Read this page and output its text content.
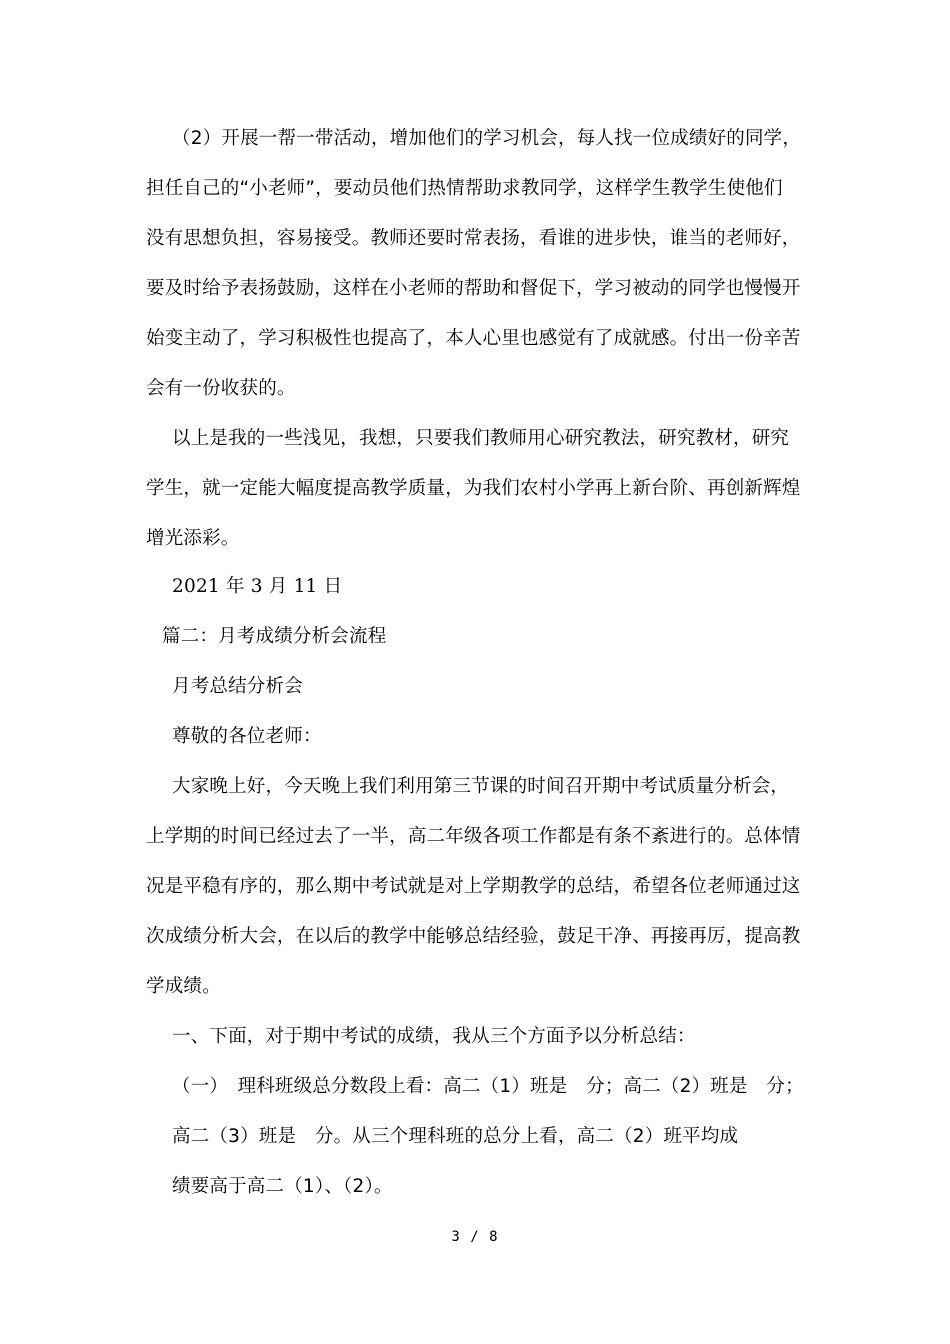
（2）开展一帮一带活动，增加他们的学习机会，每人找一位成绩好的同学，
担任自己的“小老师”，要动员他们热情帮助求教同学，这样学生教学生使他们
没有思想负担，容易接受。教师还要时常表扬，看谁的进步快，谁当的老师好，
要及时给予表扬鼓励，这样在小老师的帮助和督促下，学习被动的同学也慢慢开
始变主动了，学习积极性也提高了，本人心里也感觉有了成就感。付出一份辛苦
会有一份收获的。
以上是我的一些浅见，我想，只要我们教师用心研究教法，研究教材，研究
学生，就一定能大幅度提高教学质量，为我们农村小学再上新台阶、再创新辉煌
增光添彩。
2021 年 3 月 11 日
篇二：月考成绩分析会流程
月考总结分析会
尊敬的各位老师：
大家晚上好，今天晚上我们利用第三节课的时间召开期中考试质量分析会，
上学期的时间已经过去了一半，高二年级各项工作都是有条不紊进行的。总体情
况是平稳有序的，那么期中考试就是对上学期教学的总结，希望各位老师通过这
次成绩分析大会，在以后的教学中能够总结经验，鼓足干净、再接再厉，提高教
学成绩。
一、下面，对于期中考试的成绩，我从三个方面予以分析总结：
（一）　理科班级总分数段上看：高二（1）班是　分；高二（2）班是　分；
高二（3）班是　分。从三个理科班的总分上看，高二（2）班平均成
绩要高于高二（1）、（2）。
3 / 8
